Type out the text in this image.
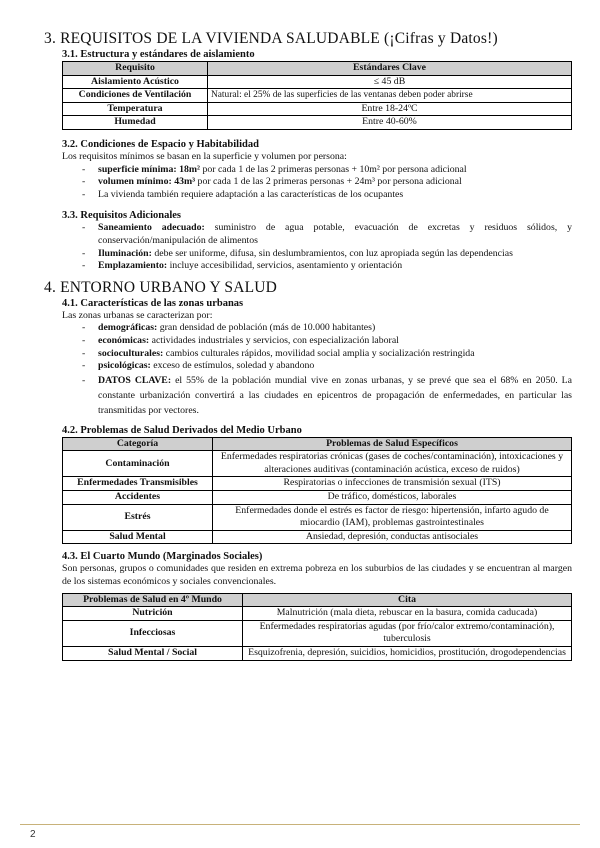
3. REQUISITOS DE LA VIVIENDA SALUDABLE (¡Cifras y Datos!)
3.1. Estructura y estándares de aislamiento
Requisito	Estándares Clave
Aislamiento Acústico	≤ 45 dB
Condiciones de Ventilación	Natural: el 25% de las superficies de las ventanas deben poder abrirse
Temperatura	Entre 18-24ºC
Humedad	Entre 40-60%
3.2. Condiciones de Espacio y Habitabilidad

Los requisitos mínimos se basan en la superficie y volumen por persona:

- superficie mínima: 18m² por cada 1 de las 2 primeras personas + 10m² por persona adicional
- volumen mínimo: 43m³ por cada 1 de las 2 primeras personas + 24m³ por persona adicional
- La vivienda también requiere adaptación a las características de los ocupantes
3.3. Requisitos Adicionales
- Saneamiento adecuado: suministro de agua potable, evacuación de excretas y residuos sólidos, y conservación/manipulación de alimentos
- Iluminación: debe ser uniforme, difusa, sin deslumbramientos, con luz apropiada según las dependencias
- Emplazamiento: incluye accesibilidad, servicios, asentamiento y orientación
4. ENTORNO URBANO Y SALUD
4.1. Características de las zonas urbanas

Las zonas urbanas se caracterizan por:

- demográficas: gran densidad de población (más de 10.000 habitantes)
- económicas: actividades industriales y servicios, con especialización laboral
- socioculturales: cambios culturales rápidos, movilidad social amplia y socialización restringida
- psicológicas: exceso de estímulos, soledad y abandono
- DATOS CLAVE: el 55% de la población mundial vive en zonas urbanas, y se prevé que sea el 68% en 2050. La constante urbanización convertirá a las ciudades en epicentros de propagación de enfermedades, en particular las transmitidas por vectores.
4.2. Problemas de Salud Derivados del Medio Urbano
Categoría	Problemas de Salud Específicos
Contaminación	Enfermedades respiratorias crónicas (gases de coches/contaminación), intoxicaciones y alteraciones auditivas (contaminación acústica, exceso de ruidos)
Enfermedades Transmisibles	Respiratorias o infecciones de transmisión sexual (ITS)
Accidentes	De tráfico, domésticos, laborales
Estrés	Enfermedades donde el estrés es factor de riesgo: hipertensión, infarto agudo de miocardio (IAM), problemas gastrointestinales
Salud Mental	Ansiedad, depresión, conductas antisociales
4.3. El Cuarto Mundo (Marginados Sociales)

Son personas, grupos o comunidades que residen en extrema pobreza en los suburbios de las ciudades y se encuentran al margen de los sistemas económicos y sociales convencionales.

Problemas de Salud en 4º Mundo	Cita
Nutrición	Malnutrición (mala dieta, rebuscar en la basura, comida caducada)
Infecciosas	Enfermedades respiratorias agudas (por frío/calor extremo/contaminación), tuberculosis
Salud Mental / Social	Esquizofrenia, depresión, suicidios, homicidios, prostitución, drogodependencias
2
